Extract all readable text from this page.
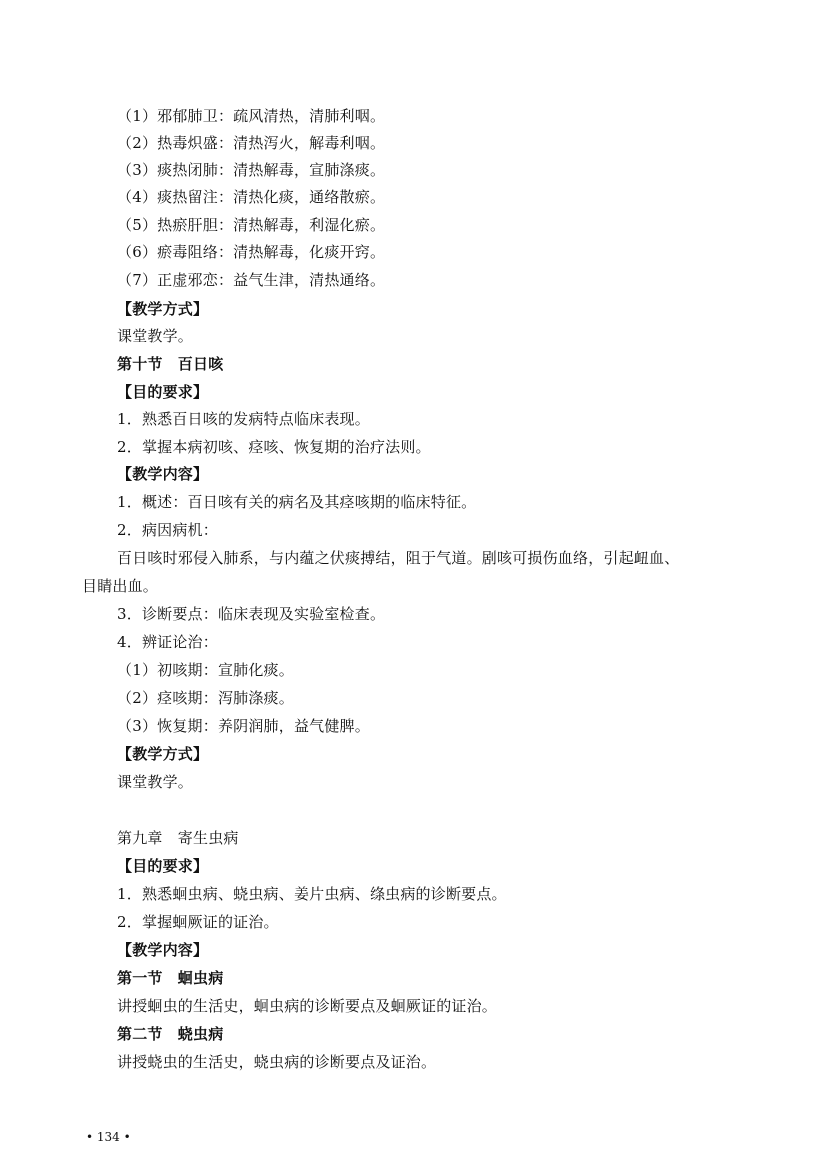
（1）邪郁肺卫：疏风清热，清肺利咽。
（2）热毒炽盛：清热泻火，解毒利咽。
（3）痰热闭肺：清热解毒，宣肺涤痰。
（4）痰热留注：清热化痰，通络散瘀。
（5）热瘀肝胆：清热解毒，利湿化瘀。
（6）瘀毒阻络：清热解毒，化痰开窍。
（7）正虚邪恋：益气生津，清热通络。
【教学方式】
课堂教学。
第十节　百日咳
【目的要求】
1．熟悉百日咳的发病特点临床表现。
2．掌握本病初咳、痉咳、恢复期的治疗法则。
【教学内容】
1．概述：百日咳有关的病名及其痉咳期的临床特征。
2．病因病机：
百日咳时邪侵入肺系，与内蕴之伏痰搏结，阻于气道。剧咳可损伤血络，引起衄血、
目睛出血。
3．诊断要点：临床表现及实验室检查。
4．辨证论治：
（1）初咳期：宣肺化痰。
（2）痉咳期：泻肺涤痰。
（3）恢复期：养阴润肺，益气健脾。
【教学方式】
课堂教学。
第九章　寄生虫病
【目的要求】
1．熟悉蛔虫病、蛲虫病、姜片虫病、绦虫病的诊断要点。
2．掌握蛔厥证的证治。
【教学内容】
第一节　蛔虫病
讲授蛔虫的生活史，蛔虫病的诊断要点及蛔厥证的证治。
第二节　蛲虫病
讲授蛲虫的生活史，蛲虫病的诊断要点及证治。
• 134 •
